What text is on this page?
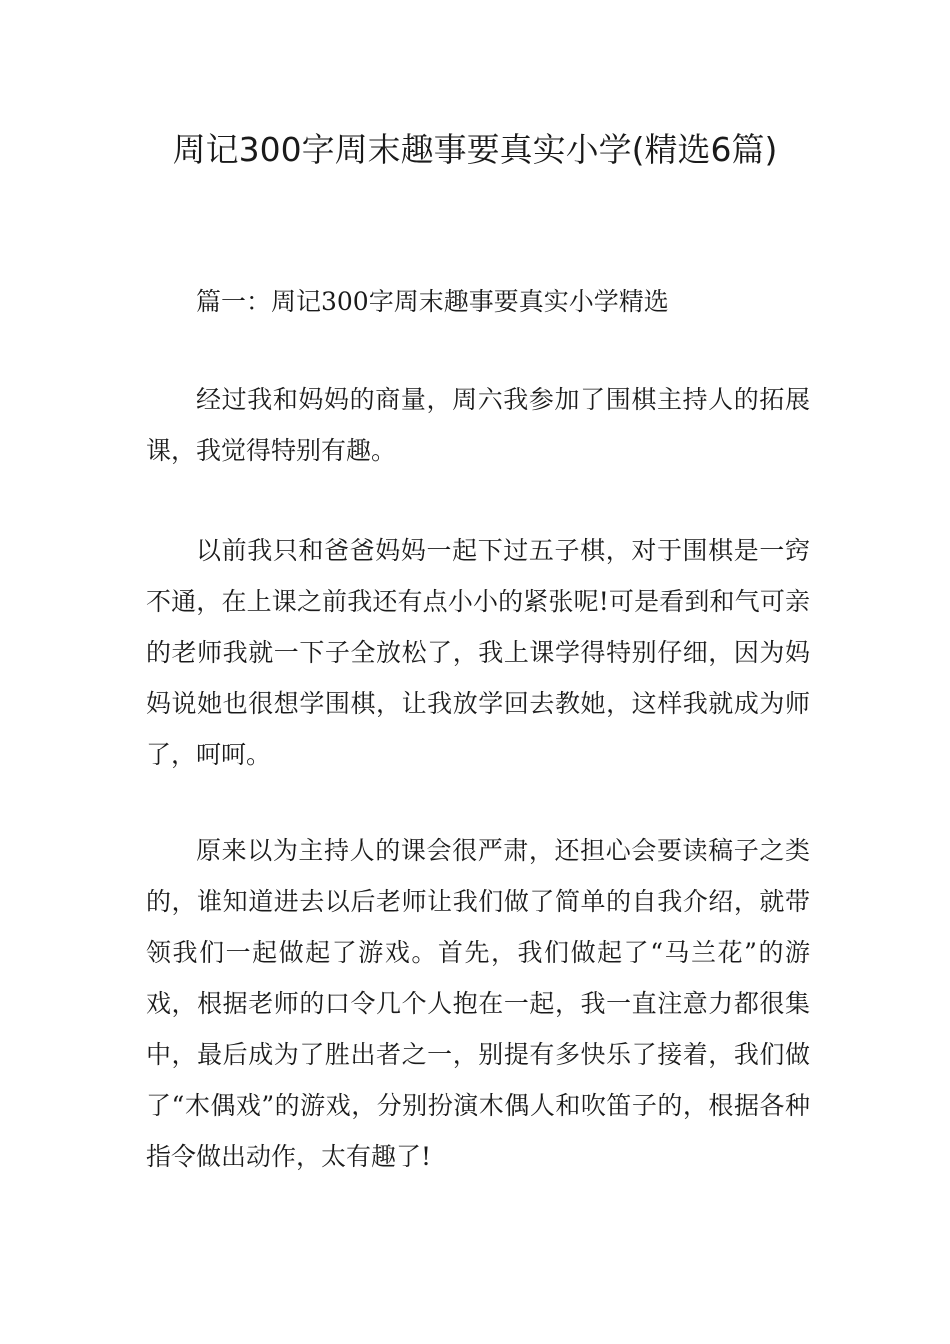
周记300字周末趣事要真实小学(精选6篇)

篇一：周记300字周末趣事要真实小学精选

经过我和妈妈的商量，周六我参加了围棋主持人的拓展课，我觉得特别有趣。

以前我只和爸爸妈妈一起下过五子棋，对于围棋是一窍不通，在上课之前我还有点小小的紧张呢!可是看到和气可亲的老师我就一下子全放松了，我上课学得特别仔细，因为妈妈说她也很想学围棋，让我放学回去教她，这样我就成为师了，呵呵。

原来以为主持人的课会很严肃，还担心会要读稿子之类的，谁知道进去以后老师让我们做了简单的自我介绍，就带领我们一起做起了游戏。首先，我们做起了“马兰花”的游戏，根据老师的口令几个人抱在一起，我一直注意力都很集中，最后成为了胜出者之一，别提有多快乐了接着，我们做了“木偶戏”的游戏，分别扮演木偶人和吹笛子的，根据各种指令做出动作，太有趣了!
